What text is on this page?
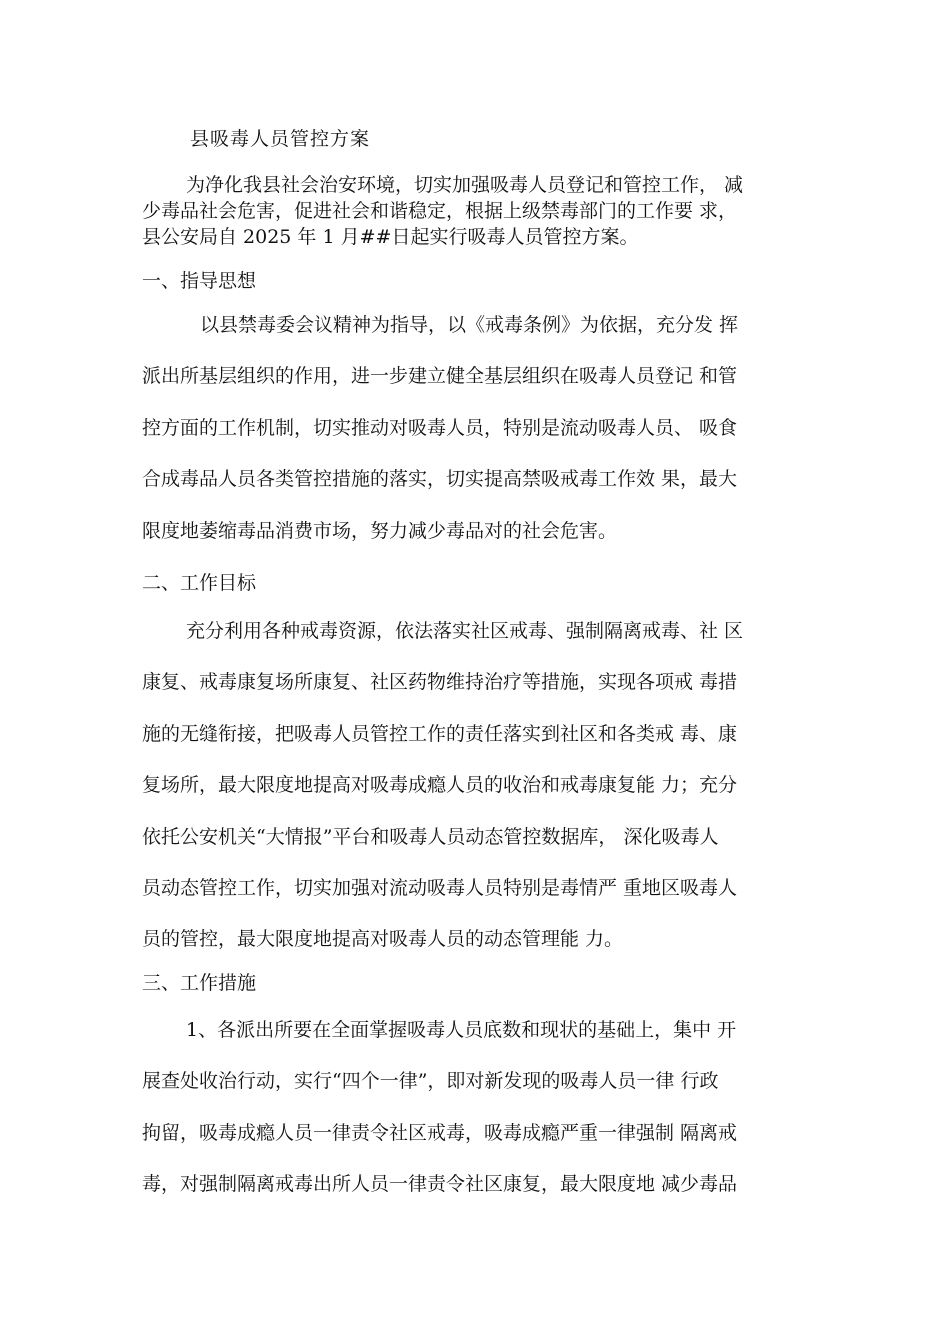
县吸毒人员管控方案
为净化我县社会治安环境，切实加强吸毒人员登记和管控工作， 减
少毒品社会危害，促进社会和谐稳定，根据上级禁毒部门的工作要 求，
县公安局自 2025 年 1 月##日起实行吸毒人员管控方案。
一、指导思想
以县禁毒委会议精神为指导，以《戒毒条例》为依据，充分发 挥
派出所基层组织的作用，进一步建立健全基层组织在吸毒人员登记 和管
控方面的工作机制，切实推动对吸毒人员，特别是流动吸毒人员、 吸食
合成毒品人员各类管控措施的落实，切实提高禁吸戒毒工作效 果，最大
限度地萎缩毒品消费市场，努力减少毒品对的社会危害。
二、工作目标
充分利用各种戒毒资源，依法落实社区戒毒、强制隔离戒毒、社 区
康复、戒毒康复场所康复、社区药物维持治疗等措施，实现各项戒 毒措
施的无缝衔接，把吸毒人员管控工作的责任落实到社区和各类戒 毒、康
复场所，最大限度地提高对吸毒成瘾人员的收治和戒毒康复能 力；充分
依托公安机关“大情报”平台和吸毒人员动态管控数据库， 深化吸毒人
员动态管控工作，切实加强对流动吸毒人员特别是毒情严 重地区吸毒人
员的管控，最大限度地提高对吸毒人员的动态管理能 力。
三、工作措施
1、各派出所要在全面掌握吸毒人员底数和现状的基础上，集中 开
展查处收治行动，实行“四个一律”，即对新发现的吸毒人员一律 行政
拘留，吸毒成瘾人员一律责令社区戒毒，吸毒成瘾严重一律强制 隔离戒
毒，对强制隔离戒毒出所人员一律责令社区康复，最大限度地 减少毒品
